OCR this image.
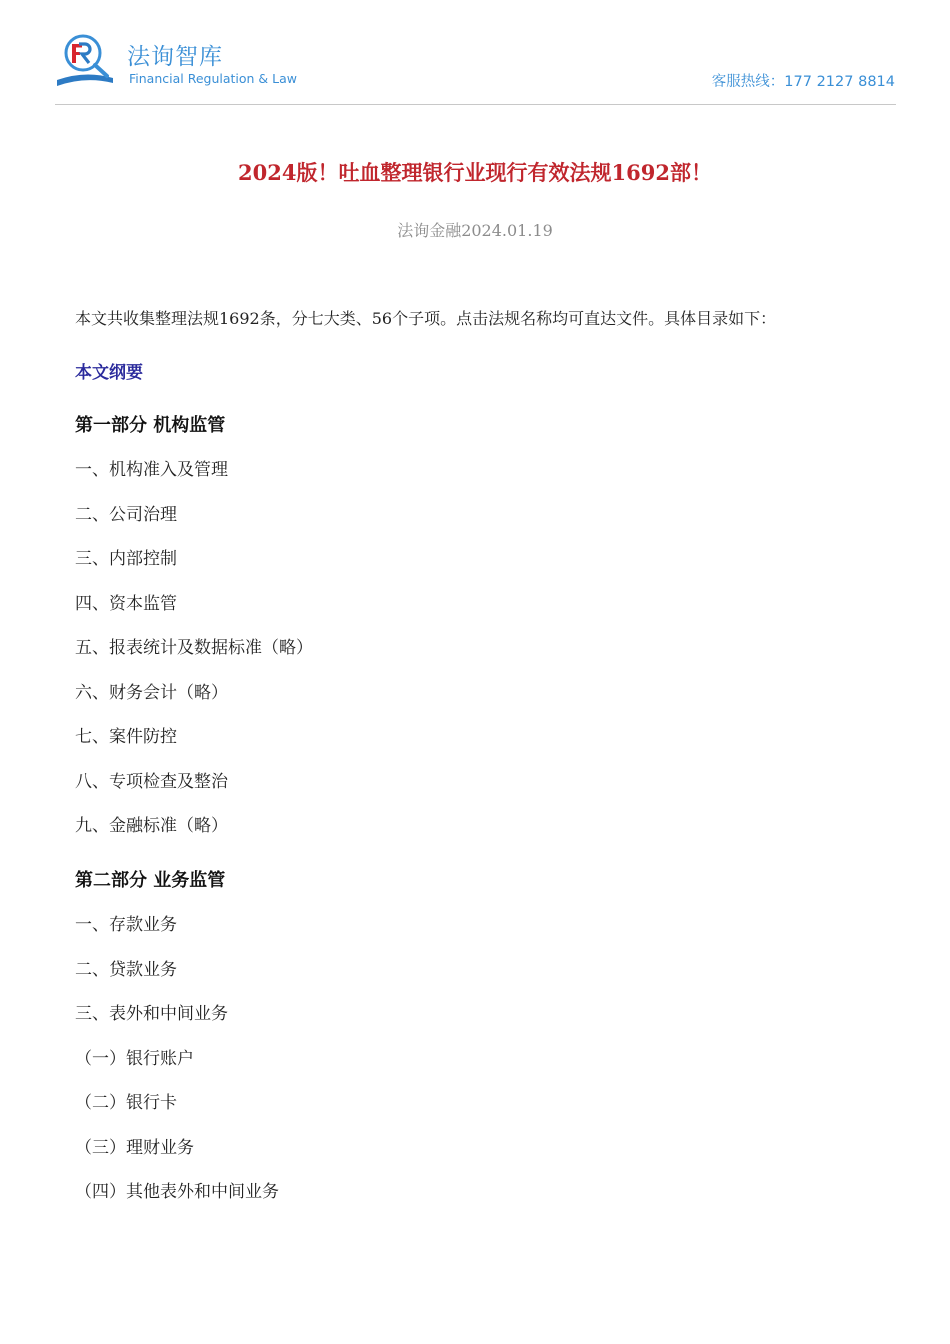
法询智库
Financial Regulation & Law	客服热线：177 2127 8814
2024版！吐血整理银行业现行有效法规1692部！
法询金融2024.01.19
本文共收集整理法规1692条，分七大类、56个子项。点击法规名称均可直达文件。具体目录如下：
本文纲要
第一部分 机构监管
一、机构准入及管理
二、公司治理
三、内部控制
四、资本监管
五、报表统计及数据标准（略）
六、财务会计（略）
七、案件防控
八、专项检查及整治
九、金融标准（略）
第二部分 业务监管
一、存款业务
二、贷款业务
三、表外和中间业务
（一）银行账户
（二）银行卡
（三）理财业务
（四）其他表外和中间业务
